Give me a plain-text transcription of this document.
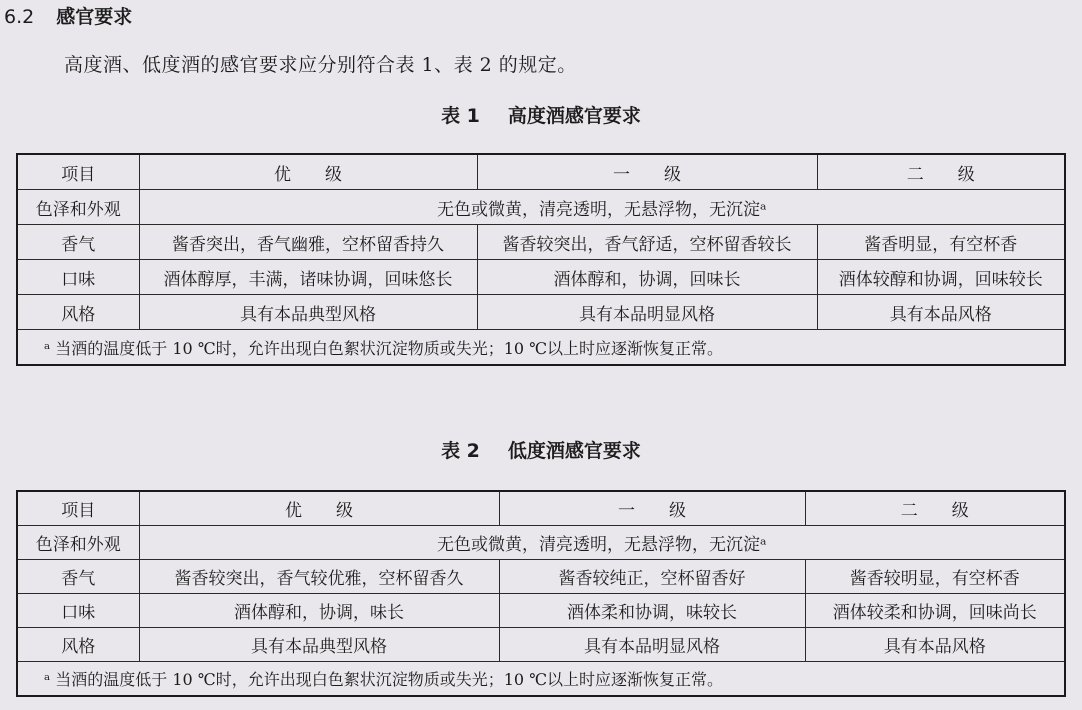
6.2 感官要求
高度酒、低度酒的感官要求应分别符合表 1、表 2 的规定。
表 1 高度酒感官要求
项目	优　　级	一　　级	二　　级
色泽和外观	无色或微黄，清亮透明，无悬浮物，无沉淀ᵃ		
香气	酱香突出，香气幽雅，空杯留香持久	酱香较突出，香气舒适，空杯留香较长	酱香明显，有空杯香
口味	酒体醇厚，丰满，诸味协调，回味悠长	酒体醇和，协调，回味长	酒体较醇和协调，回味较长
风格	具有本品典型风格	具有本品明显风格	具有本品风格
ᵃ 当酒的温度低于 10 ℃时，允许出现白色絮状沉淀物质或失光；10 ℃以上时应逐渐恢复正常。			
表 2 低度酒感官要求
项目	优　　级	一　　级	二　　级
色泽和外观	无色或微黄，清亮透明，无悬浮物，无沉淀ᵃ		
香气	酱香较突出，香气较优雅，空杯留香久	酱香较纯正，空杯留香好	酱香较明显，有空杯香
口味	酒体醇和，协调，味长	酒体柔和协调，味较长	酒体较柔和协调，回味尚长
风格	具有本品典型风格	具有本品明显风格	具有本品风格
ᵃ 当酒的温度低于 10 ℃时，允许出现白色絮状沉淀物质或失光；10 ℃以上时应逐渐恢复正常。			
